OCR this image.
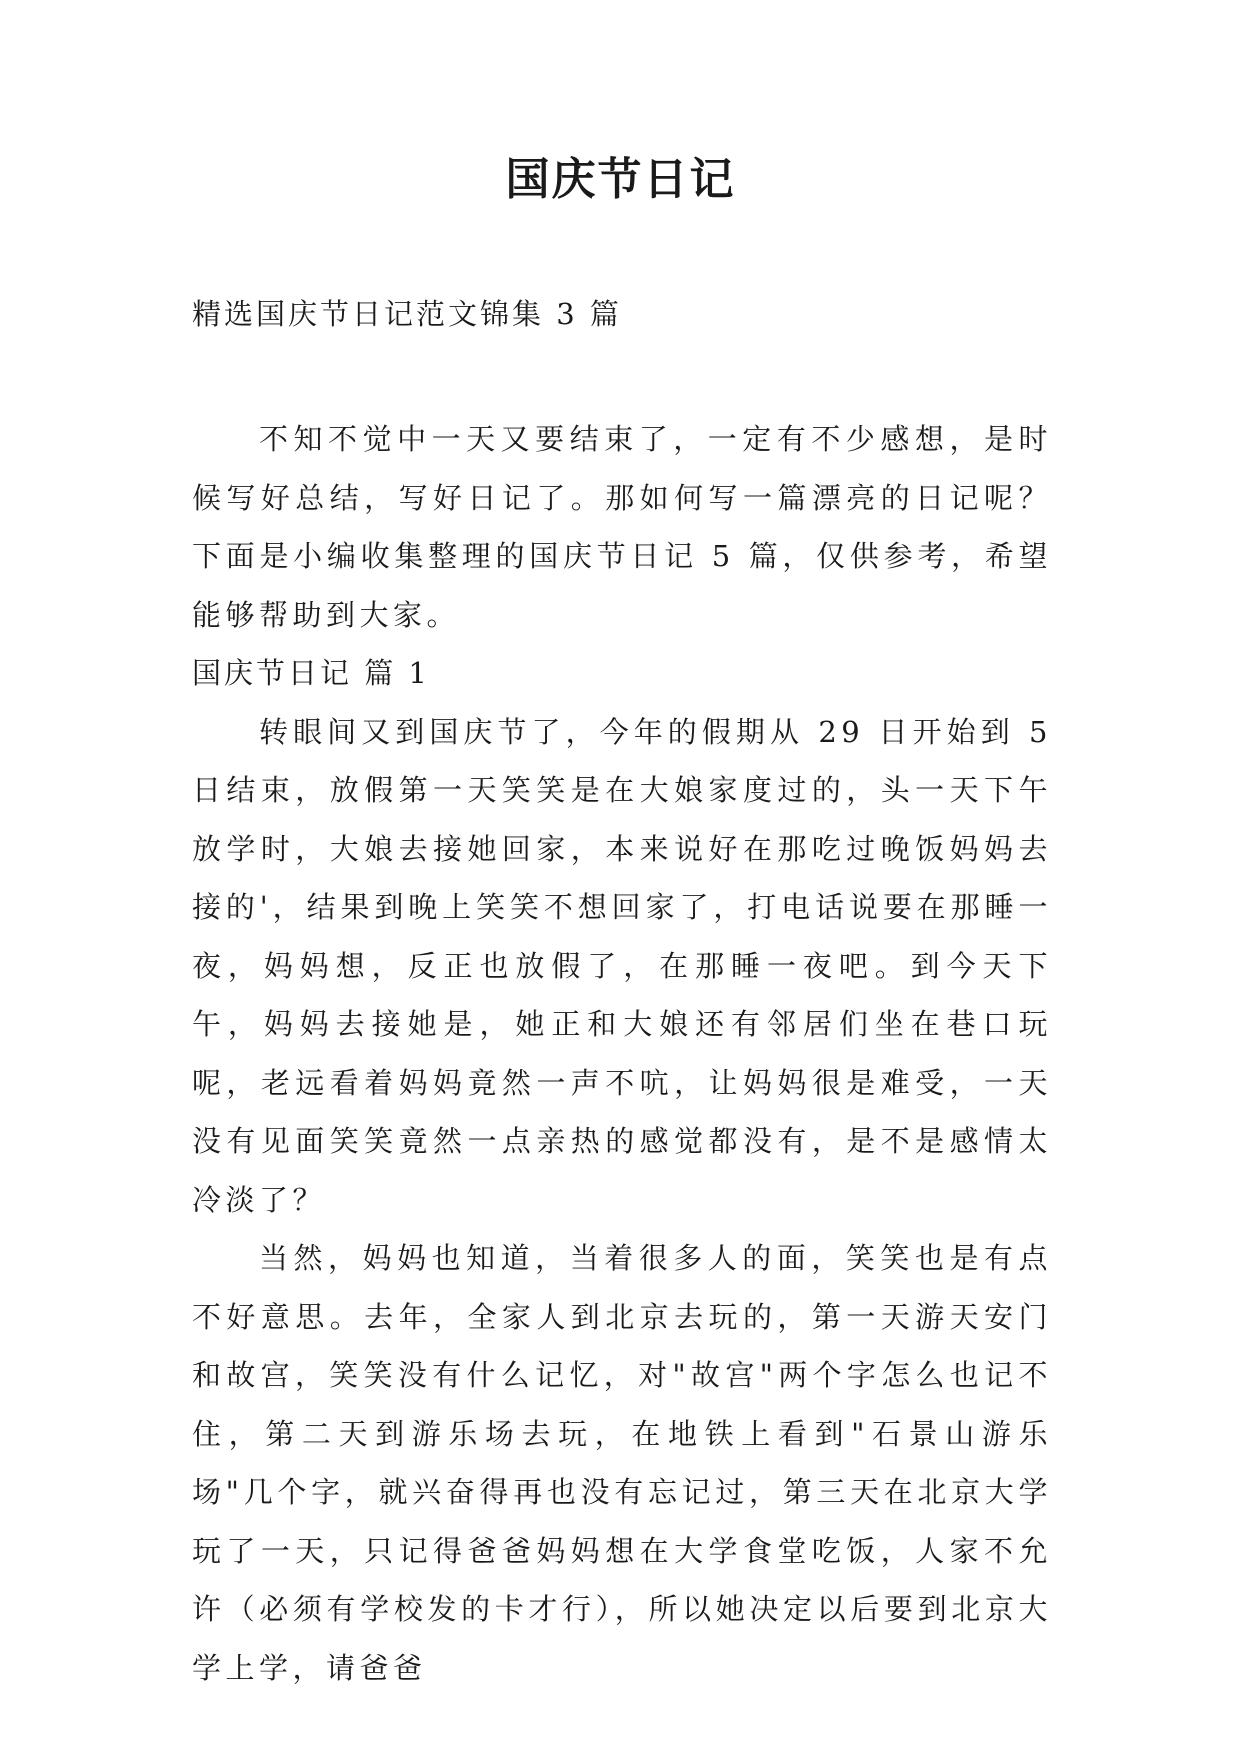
国庆节日记

精选国庆节日记范文锦集 3 篇

不知不觉中一天又要结束了，一定有不少感想，是时候写好总结，写好日记了。那如何写一篇漂亮的日记呢？下面是小编收集整理的国庆节日记 5 篇，仅供参考，希望能够帮助到大家。

国庆节日记 篇 1

转眼间又到国庆节了，今年的假期从 29 日开始到 5 日结束，放假第一天笑笑是在大娘家度过的，头一天下午放学时，大娘去接她回家，本来说好在那吃过晚饭妈妈去接的'，结果到晚上笑笑不想回家了，打电话说要在那睡一夜，妈妈想，反正也放假了，在那睡一夜吧。到今天下午，妈妈去接她是，她正和大娘还有邻居们坐在巷口玩呢，老远看着妈妈竟然一声不吭，让妈妈很是难受，一天没有见面笑笑竟然一点亲热的感觉都没有，是不是感情太冷淡了？

当然，妈妈也知道，当着很多人的面，笑笑也是有点不好意思。去年，全家人到北京去玩的，第一天游天安门和故宫，笑笑没有什么记忆，对"故宫"两个字怎么也记不住，第二天到游乐场去玩，在地铁上看到"石景山游乐场"几个字，就兴奋得再也没有忘记过，第三天在北京大学玩了一天，只记得爸爸妈妈想在大学食堂吃饭，人家不允许（必须有学校发的卡才行），所以她决定以后要到北京大学上学，请爸爸
